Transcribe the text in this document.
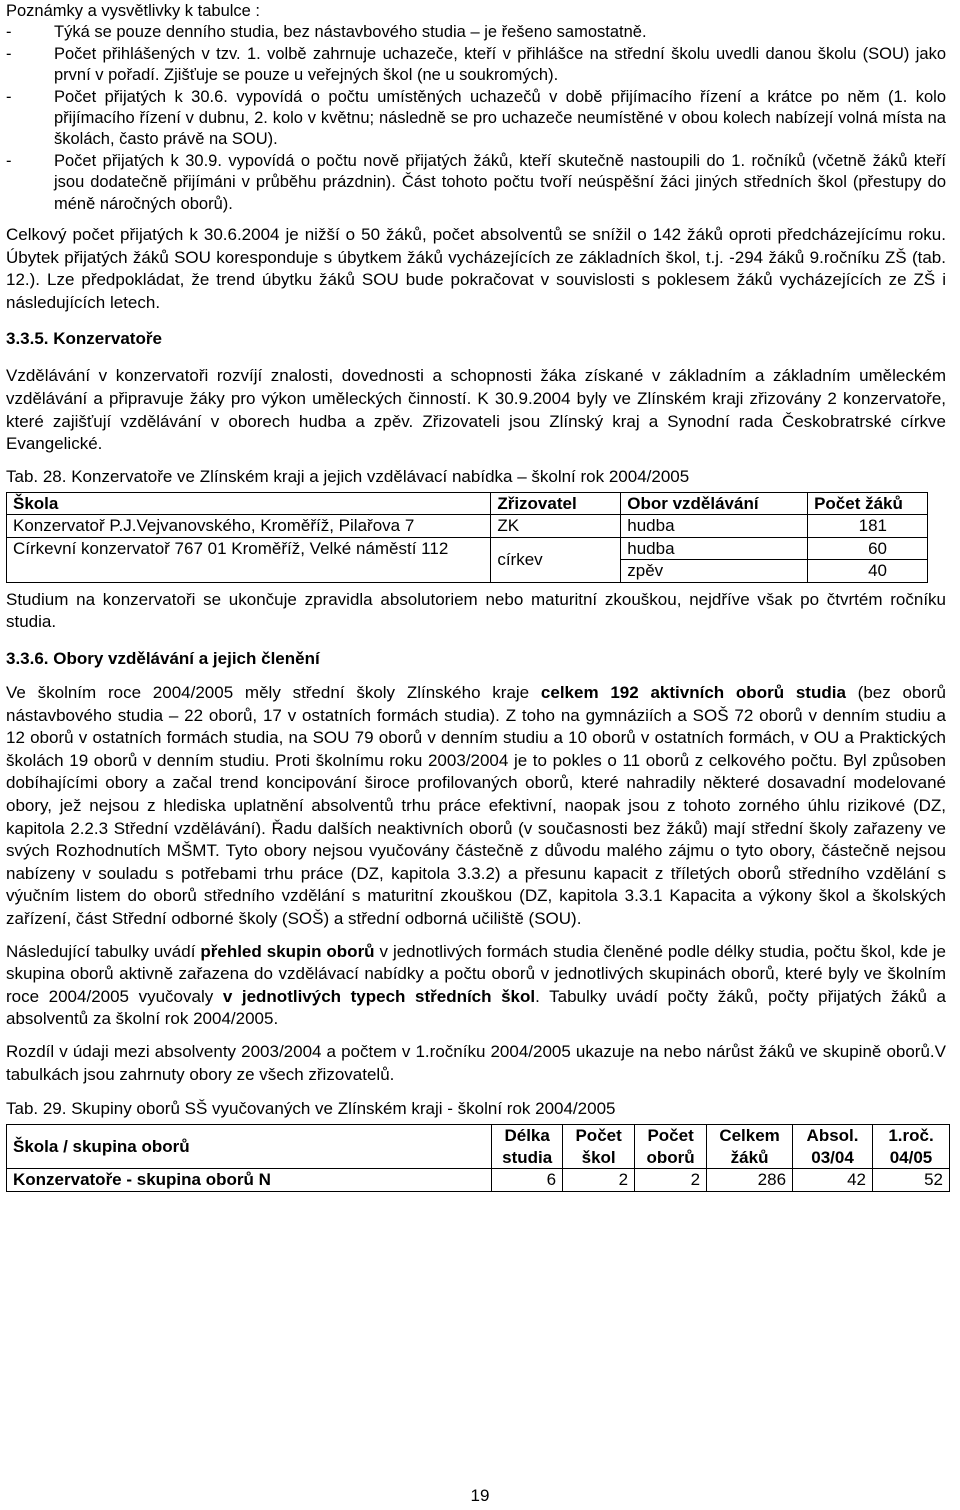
Poznámky a vysvětlivky k tabulce :
-	Týká se pouze denního studia, bez nástavbového studia – je řešeno samostatně.
-	Počet přihlášených v tzv. 1. volbě zahrnuje uchazeče, kteří v přihlášce na střední školu uvedli danou školu (SOU) jako první v pořadí. Zjišťuje se pouze u veřejných škol (ne u soukromých).
-	Počet přijatých k 30.6. vypovídá o počtu umístěných uchazečů v době přijímacího řízení a krátce po něm (1. kolo přijímacího řízení v dubnu, 2. kolo v květnu; následně se pro uchazeče neumístěné v obou kolech nabízejí volná místa na školách, často právě na SOU).
-	Počet přijatých k 30.9. vypovídá o počtu nově přijatých žáků, kteří skutečně nastoupili do 1. ročníků (včetně žáků kteří jsou dodatečně přijímáni v průběhu prázdnin). Část tohoto počtu tvoří neúspěšní žáci jiných středních škol (přestupy do méně náročných oborů).

Celkový počet přijatých k 30.6.2004 je nižší o 50 žáků, počet absolventů se snížil o 142 žáků oproti předcházejícímu roku. Úbytek přijatých žáků SOU koresponduje s úbytkem žáků vycházejících ze základních škol, t.j. -294 žáků 9.ročníku ZŠ (tab. 12.). Lze předpokládat, že trend úbytku žáků SOU bude pokračovat v souvislosti s poklesem žáků vycházejících ze ZŠ i následujících letech.

3.3.5. Konzervatoře

Vzdělávání v konzervatoři rozvíjí znalosti, dovednosti a schopnosti žáka získané v základním a základním uměleckém vzdělávání a připravuje žáky pro výkon uměleckých činností. K 30.9.2004 byly ve Zlínském kraji zřizovány 2 konzervatoře, které zajišťují vzdělávání v oborech hudba a zpěv. Zřizovateli jsou Zlínský kraj a Synodní rada Českobratrské církve Evangelické.

Tab. 28. Konzervatoře ve Zlínském kraji a jejich vzdělávací nabídka – školní rok 2004/2005
Škola	Zřizovatel	Obor vzdělávání	Počet žáků
Konzervatoř P.J.Vejvanovského, Kroměříž, Pilařova 7	ZK	hudba	181
Církevní konzervatoř 767 01 Kroměříž, Velké náměstí 112	církev	hudba	60
		zpěv	40

Studium na konzervatoři se ukončuje zpravidla absolutoriem nebo maturitní zkouškou, nejdříve však po čtvrtém ročníku studia.

3.3.6. Obory vzdělávání a jejich členění

Ve školním roce 2004/2005 měly střední školy Zlínského kraje celkem 192 aktivních oborů studia (bez oborů nástavbového studia – 22 oborů, 17 v ostatních formách studia). Z toho na gymnáziích a SOŠ 72 oborů v denním studiu a 12 oborů v ostatních formách studia, na SOU 79 oborů v denním studiu a 10 oborů v ostatních formách, v OU a Praktických školách 19 oborů v denním studiu. Proti školnímu roku 2003/2004 je to pokles o 11 oborů z celkového počtu. Byl způsoben dobíhajícími obory a začal trend koncipování široce profilovaných oborů, které nahradily některé dosavadní modelované obory, jež nejsou z hlediska uplatnění absolventů trhu práce efektivní, naopak jsou z tohoto zorného úhlu rizikové (DZ, kapitola 2.2.3 Střední vzdělávání). Řadu dalších neaktivních oborů (v současnosti bez žáků) mají střední školy zařazeny ve svých Rozhodnutích MŠMT. Tyto obory nejsou vyučovány částečně z důvodu malého zájmu o tyto obory, částečně nejsou nabízeny v souladu s potřebami trhu práce (DZ, kapitola 3.3.2) a přesunu kapacit z tříletých oborů středního vzdělání s výučním listem do oborů středního vzdělání s maturitní zkouškou (DZ, kapitola 3.3.1 Kapacita a výkony škol a školských zařízení, část Střední odborné školy (SOŠ) a střední odborná učiliště (SOU).

Následující tabulky uvádí přehled skupin oborů v jednotlivých formách studia členěné podle délky studia, počtu škol, kde je skupina oborů aktivně zařazena do vzdělávací nabídky a počtu oborů v jednotlivých skupinách oborů, které byly ve školním roce 2004/2005 vyučovaly v jednotlivých typech středních škol. Tabulky uvádí počty žáků, počty přijatých žáků a absolventů za školní rok 2004/2005.

Rozdíl v údaji mezi absolventy 2003/2004 a počtem v 1.ročníku 2004/2005 ukazuje na nebo nárůst žáků ve skupině oborů.V tabulkách jsou zahrnuty obory ze všech zřizovatelů.

Tab. 29. Skupiny oborů SŠ vyučovaných ve Zlínském kraji - školní rok 2004/2005
Škola / skupina oborů	Délka studia	Počet škol	Počet oborů	Celkem žáků	Absol. 03/04	1.roč. 04/05
Konzervatoře - skupina oborů N	6	2	2	286	42	52
19
